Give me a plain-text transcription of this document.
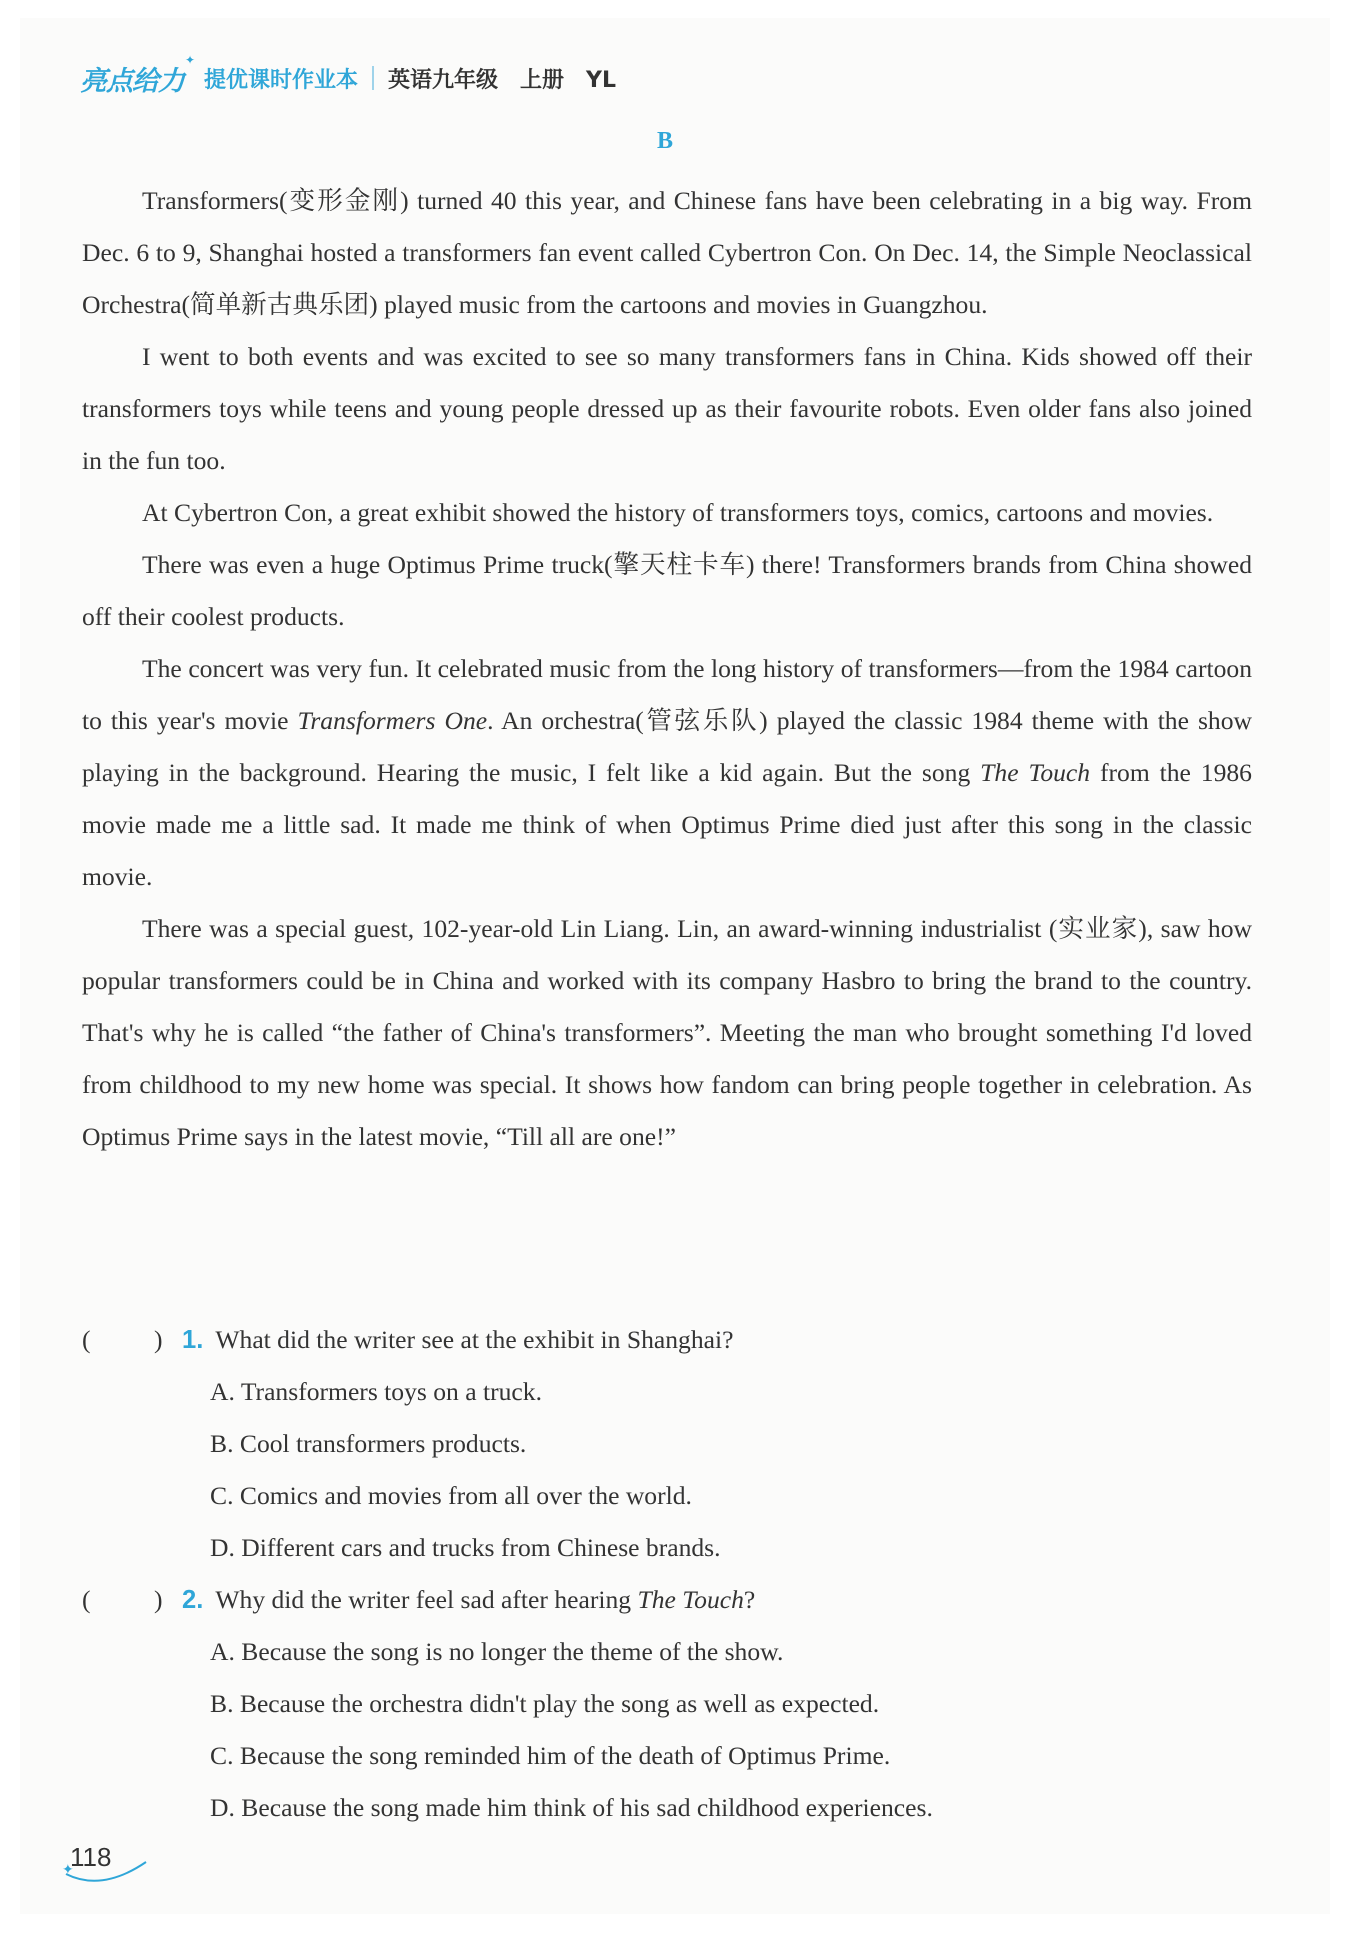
亮点给力
✦
提优课时作业本 英语九年级　上册　YL
B

Transformers(变形金刚) turned 40 this year, and Chinese fans have been celebrating in a big way. From Dec. 6 to 9, Shanghai hosted a transformers fan event called Cybertron Con. On Dec. 14, the Simple Neoclassical Orchestra(简单新古典乐团) played music from the cartoons and movies in Guangzhou.

I went to both events and was excited to see so many transformers fans in China. Kids showed off their transformers toys while teens and young people dressed up as their favourite robots. Even older fans also joined in the fun too.

At Cybertron Con, a great exhibit showed the history of transformers toys, comics, cartoons and movies.

There was even a huge Optimus Prime truck(擎天柱卡车) there! Transformers brands from China showed off their coolest products.

The concert was very fun. It celebrated music from the long history of transformers—from the 1984 cartoon to this year's movie Transformers One. An orchestra(管弦乐队) played the classic 1984 theme with the show playing in the background. Hearing the music, I felt like a kid again. But the song The Touch from the 1986 movie made me a little sad. It made me think of when Optimus Prime died just after this song in the classic movie.

There was a special guest, 102-year-old Lin Liang. Lin, an award-winning industrialist (实业家), saw how popular transformers could be in China and worked with its company Hasbro to bring the brand to the country. That's why he is called “the father of China's transformers”. Meeting the man who brought something I'd loved from childhood to my new home was special. It shows how fandom can bring people together in celebration. As Optimus Prime says in the latest movie, “Till all are one!”

(	) 1. What did the writer see at the exhibit in Shanghai?
A. Transformers toys on a truck.
B. Cool transformers products.
C. Comics and movies from all over the world.
D. Different cars and trucks from Chinese brands.
(	) 2. Why did the writer feel sad after hearing The Touch?
A. Because the song is no longer the theme of the show.
B. Because the orchestra didn't play the song as well as expected.
C. Because the song reminded him of the death of Optimus Prime.
D. Because the song made him think of his sad childhood experiences.
✦
118
